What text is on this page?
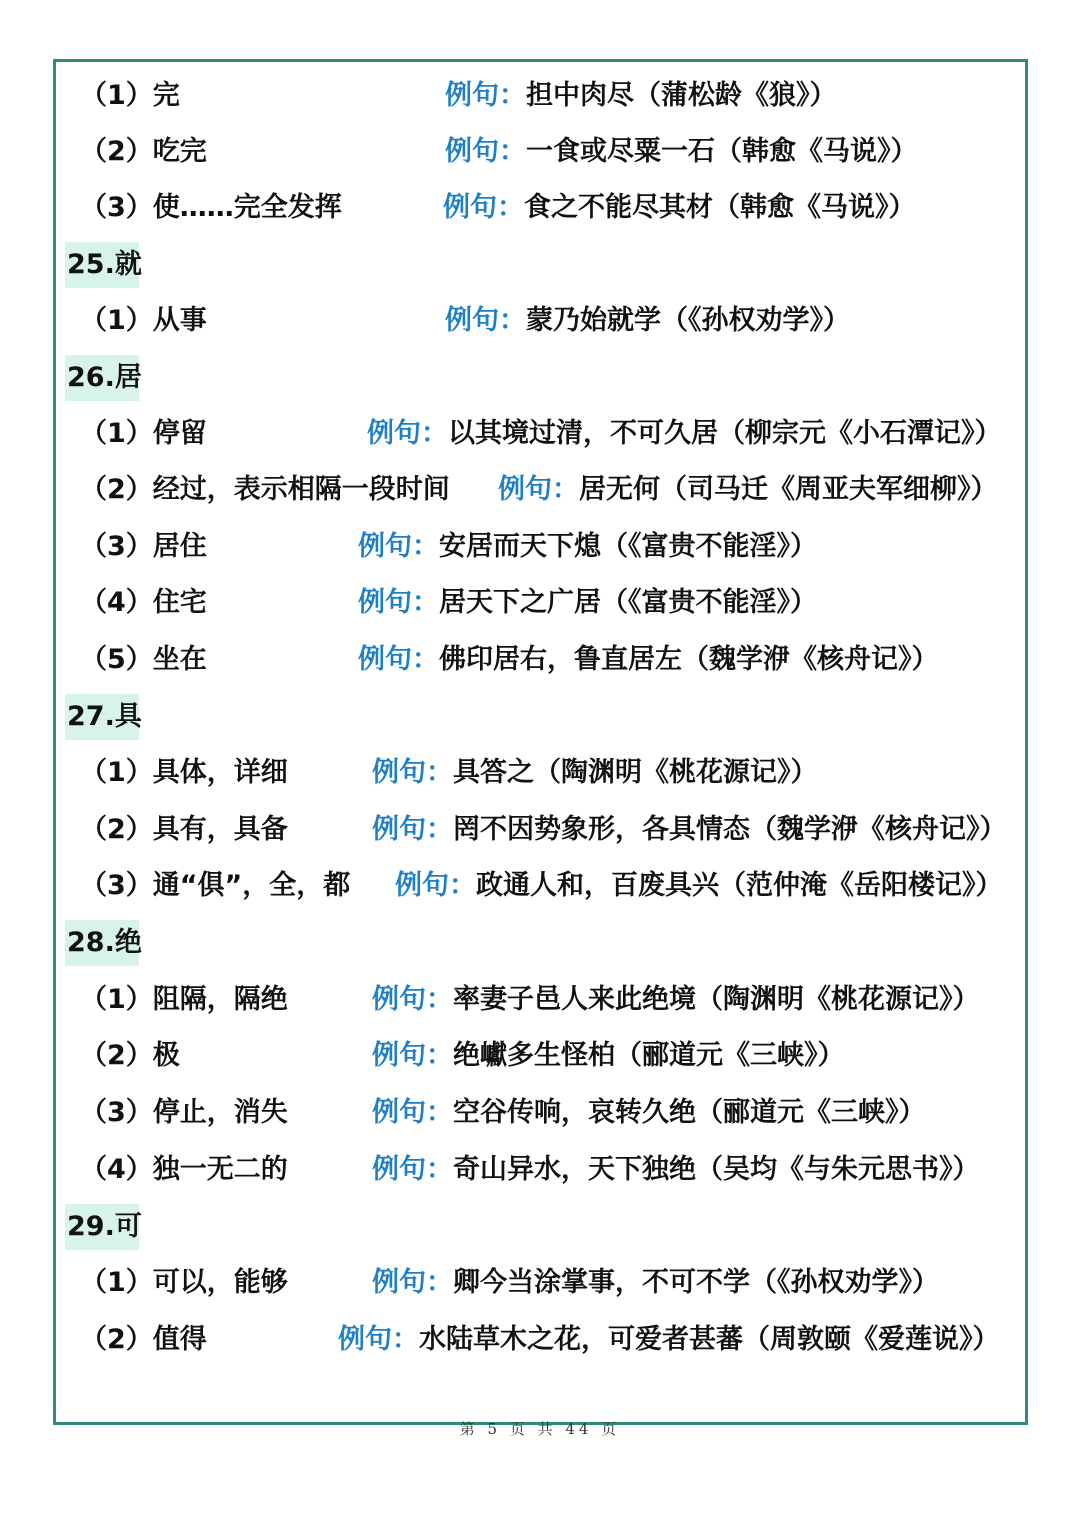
（1）完	例句：担中肉尽（蒲松龄《狼》）
（2）吃完	例句：一食或尽粟一石（韩愈《马说》）
（3）使……完全发挥	例句：食之不能尽其材（韩愈《马说》）
25.就
（1）从事	例句：蒙乃始就学（《孙权劝学》）
26.居
（1）停留	例句：以其境过清，不可久居（柳宗元《小石潭记》）
（2）经过，表示相隔一段时间 例句：居无何（司马迁《周亚夫军细柳》）
（3）居住	例句：安居而天下熄（《富贵不能淫》）
（4）住宅	例句：居天下之广居（《富贵不能淫》）
（5）坐在	例句：佛印居右，鲁直居左（魏学洢《核舟记》）
27.具
（1）具体，详细	例句：具答之（陶渊明《桃花源记》）
（2）具有，具备	例句：罔不因势象形，各具情态（魏学洢《核舟记》）
（3）通“俱”，全，都 例句：政通人和，百废具兴（范仲淹《岳阳楼记》）
28.绝
（1）阻隔，隔绝	例句：率妻子邑人来此绝境（陶渊明《桃花源记》）
（2）极	例句：绝巘多生怪柏（郦道元《三峡》）
（3）停止，消失	例句：空谷传响，哀转久绝（郦道元《三峡》）
（4）独一无二的	例句：奇山异水，天下独绝（吴均《与朱元思书》）
29.可
（1）可以，能够	例句：卿今当涂掌事，不可不学（《孙权劝学》）
（2）值得	例句：水陆草木之花，可爱者甚蕃（周敦颐《爱莲说》）
第 5 页 共 44 页
